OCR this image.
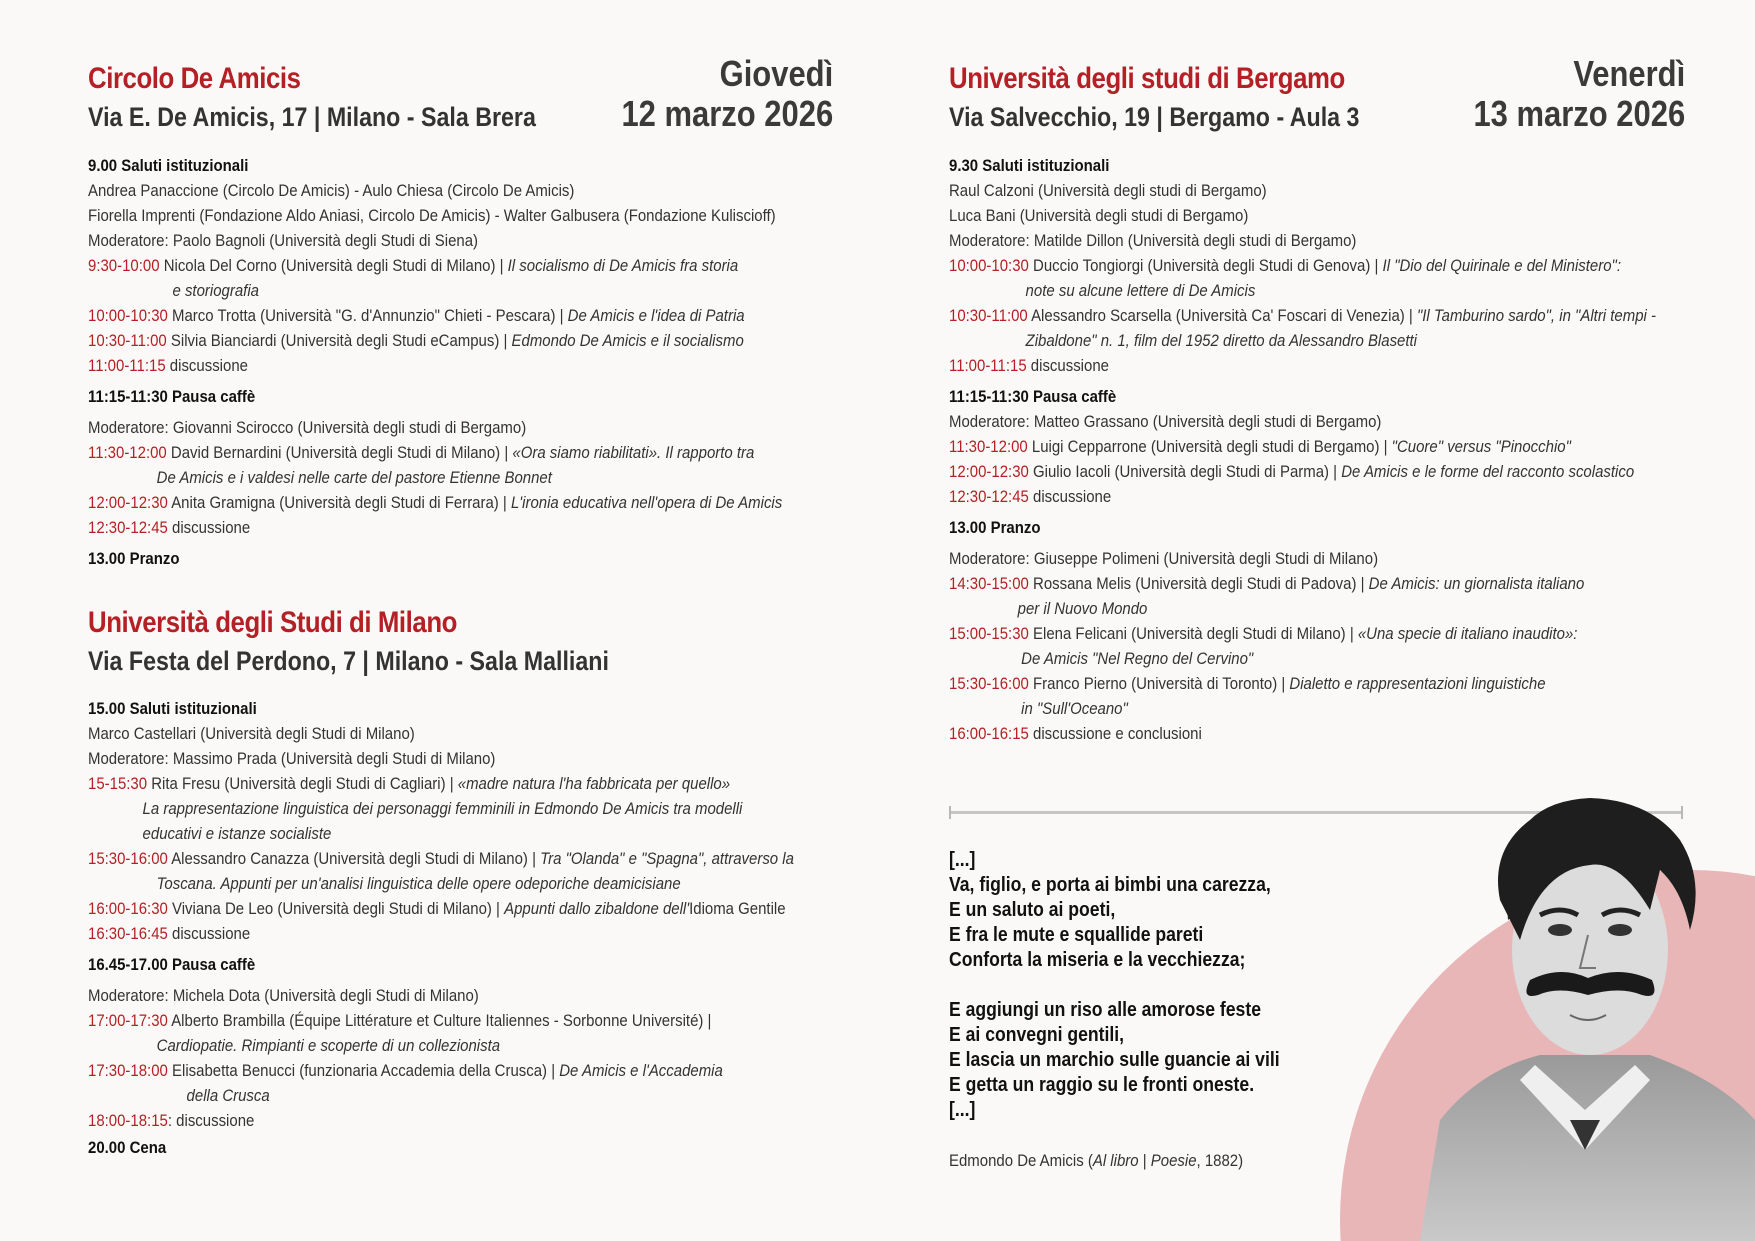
Circolo De Amicis
Via E. De Amicis, 17 | Milano - Sala Brera
Giovedì
12 marzo 2026
9.00 Saluti istituzionali
Andrea Panaccione (Circolo De Amicis) - Aulo Chiesa (Circolo De Amicis)
Fiorella Imprenti (Fondazione Aldo Aniasi, Circolo De Amicis) - Walter Galbusera (Fondazione Kuliscioff)
Moderatore: Paolo Bagnoli (Università degli Studi di Siena)
9:30-10:00 Nicola Del Corno (Università degli Studi di Milano) | Il socialismo di De Amicis fra storia
e storiografia
10:00-10:30 Marco Trotta (Università "G. d'Annunzio" Chieti - Pescara) | De Amicis e l'idea di Patria
10:30-11:00 Silvia Bianciardi (Università degli Studi eCampus) | Edmondo De Amicis e il socialismo
11:00-11:15 discussione
11:15-11:30 Pausa caffè
Moderatore: Giovanni Scirocco (Università degli studi di Bergamo)
11:30-12:00 David Bernardini (Università degli Studi di Milano) | «Ora siamo riabilitati». Il rapporto tra
De Amicis e i valdesi nelle carte del pastore Etienne Bonnet
12:00-12:30 Anita Gramigna (Università degli Studi di Ferrara) | L'ironia educativa nell'opera di De Amicis
12:30-12:45 discussione
13.00 Pranzo
Università degli Studi di Milano
Via Festa del Perdono, 7 | Milano - Sala Malliani
15.00 Saluti istituzionali
Marco Castellari (Università degli Studi di Milano)
Moderatore: Massimo Prada (Università degli Studi di Milano)
15-15:30 Rita Fresu (Università degli Studi di Cagliari) | «madre natura l'ha fabbricata per quello»
La rappresentazione linguistica dei personaggi femminili in Edmondo De Amicis tra modelli
educativi e istanze socialiste
15:30-16:00 Alessandro Canazza (Università degli Studi di Milano) | Tra "Olanda" e "Spagna", attraverso la
Toscana. Appunti per un'analisi linguistica delle opere odeporiche deamicisiane
16:00-16:30 Viviana De Leo (Università degli Studi di Milano) | Appunti dallo zibaldone dell'Idioma Gentile
16:30-16:45 discussione
16.45-17.00 Pausa caffè
Moderatore: Michela Dota (Università degli Studi di Milano)
17:00-17:30 Alberto Brambilla (Équipe Littérature et Culture Italiennes - Sorbonne Université) |
Cardiopatie. Rimpianti e scoperte di un collezionista
17:30-18:00 Elisabetta Benucci (funzionaria Accademia della Crusca) | De Amicis e l'Accademia
della Crusca
18:00-18:15: discussione
20.00 Cena
Università degli studi di Bergamo
Via Salvecchio, 19 | Bergamo - Aula 3
Venerdì
13 marzo 2026
9.30 Saluti istituzionali
Raul Calzoni (Università degli studi di Bergamo)
Luca Bani (Università degli studi di Bergamo)
Moderatore: Matilde Dillon (Università degli studi di Bergamo)
10:00-10:30 Duccio Tongiorgi (Università degli Studi di Genova) | Il "Dio del Quirinale e del Ministero":
note su alcune lettere di De Amicis
10:30-11:00 Alessandro Scarsella (Università Ca' Foscari di Venezia) | "Il Tamburino sardo", in "Altri tempi -
Zibaldone" n. 1, film del 1952 diretto da Alessandro Blasetti
11:00-11:15 discussione
11:15-11:30 Pausa caffè
Moderatore: Matteo Grassano (Università degli studi di Bergamo)
11:30-12:00 Luigi Cepparrone (Università degli studi di Bergamo) | "Cuore" versus "Pinocchio"
12:00-12:30 Giulio Iacoli (Università degli Studi di Parma) | De Amicis e le forme del racconto scolastico
12:30-12:45 discussione
13.00 Pranzo
Moderatore: Giuseppe Polimeni (Università degli Studi di Milano)
14:30-15:00 Rossana Melis (Università degli Studi di Padova) | De Amicis: un giornalista italiano
per il Nuovo Mondo
15:00-15:30 Elena Felicani (Università degli Studi di Milano) | «Una specie di italiano inaudito»:
De Amicis "Nel Regno del Cervino"
15:30-16:00 Franco Pierno (Università di Toronto) | Dialetto e rappresentazioni linguistiche
in "Sull'Oceano"
16:00-16:15 discussione e conclusioni
[...]
Va, figlio, e porta ai bimbi una carezza,
E un saluto ai poeti,
E fra le mute e squallide pareti
Conforta la miseria e la vecchiezza;
E aggiungi un riso alle amorose feste
E ai convegni gentili,
E lascia un marchio sulle guancie ai vili
E getta un raggio su le fronti oneste.
[...]
Edmondo De Amicis (Al libro | Poesie, 1882)
